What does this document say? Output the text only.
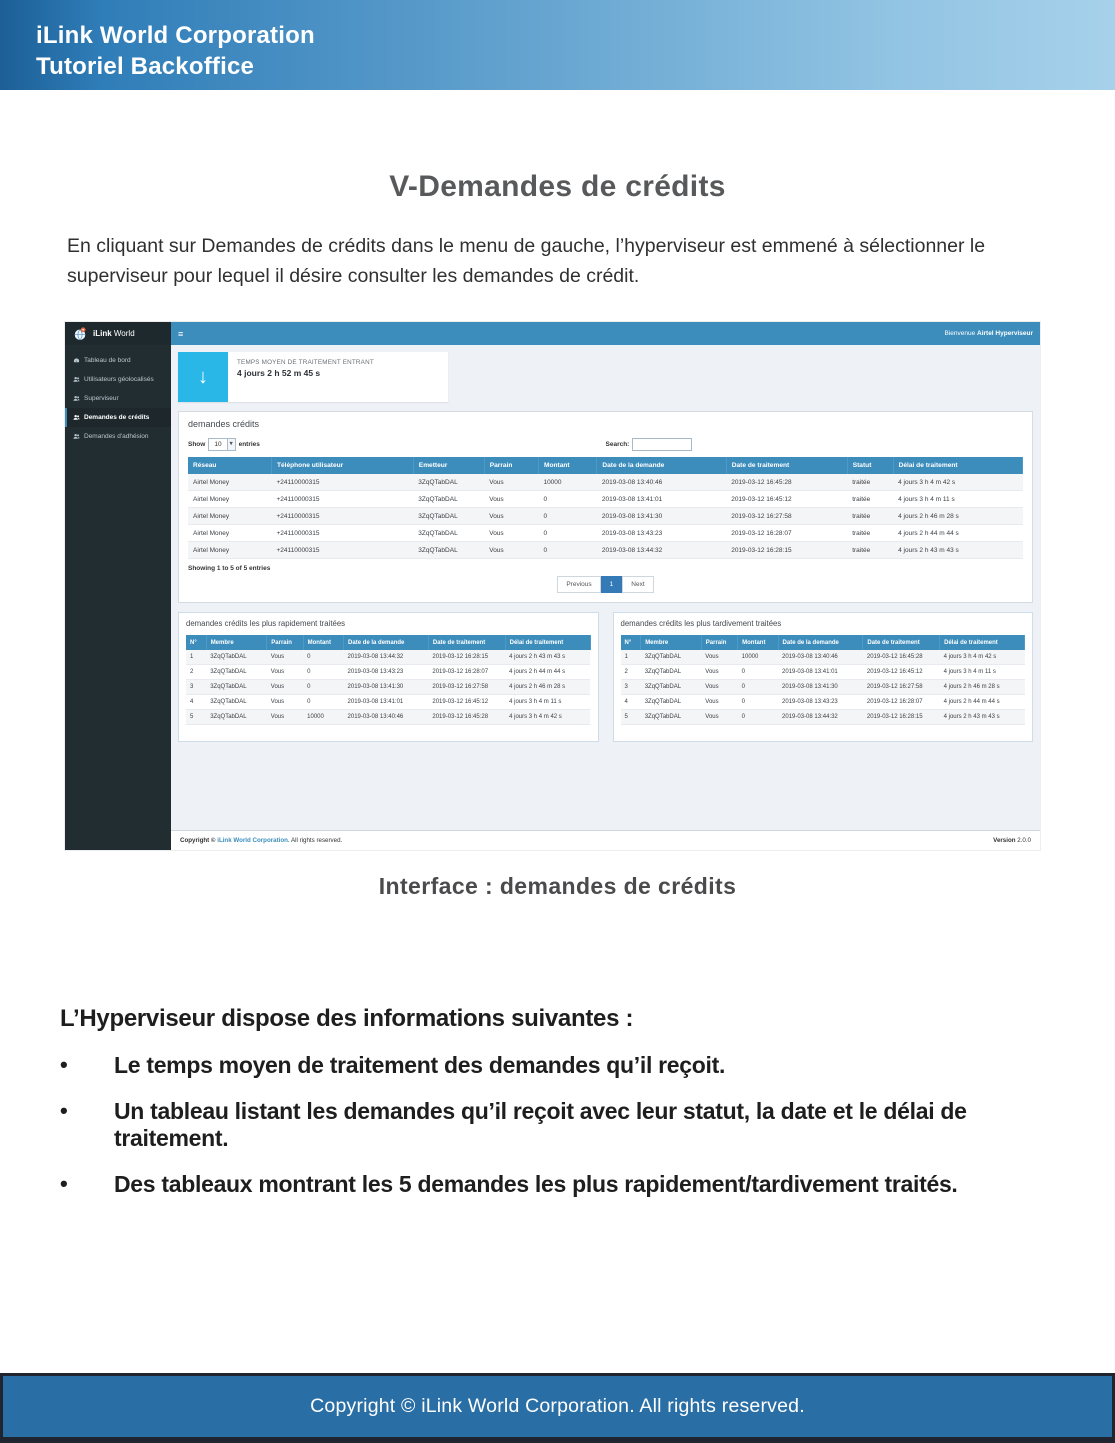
iLink World Corporation
Tutoriel Backoffice
V-Demandes de crédits
En cliquant sur Demandes de crédits dans le menu de gauche, l’hyperviseur est emmené à sélectionner le superviseur pour lequel il désire consulter les demandes de crédit.
iLink World	≡	Bienvenue Airtel Hyperviseur
Tableau de bord
Utilisateurs géolocalisés
Superviseur
Demandes de crédits
Demandes d'adhésion
↓
TEMPS MOYEN DE TRAITEMENT ENTRANT
4 jours 2 h 52 m 45 s
demandes crédits
Show	10	▾ entries	Search:
Réseau	Téléphone utilisateur	Emetteur	Parrain	Montant	Date de la demande	Date de traitement	Statut	Délai de traitement
Airtel Money	+24110000315	3ZqQTabDAL	Vous	10000	2019-03-08 13:40:46	2019-03-12 16:45:28	traitée	4 jours 3 h 4 m 42 s
Airtel Money	+24110000315	3ZqQTabDAL	Vous	0	2019-03-08 13:41:01	2019-03-12 16:45:12	traitée	4 jours 3 h 4 m 11 s
Airtel Money	+24110000315	3ZqQTabDAL	Vous	0	2019-03-08 13:41:30	2019-03-12 16:27:58	traitée	4 jours 2 h 46 m 28 s
Airtel Money	+24110000315	3ZqQTabDAL	Vous	0	2019-03-08 13:43:23	2019-03-12 16:28:07	traitée	4 jours 2 h 44 m 44 s
Airtel Money	+24110000315	3ZqQTabDAL	Vous	0	2019-03-08 13:44:32	2019-03-12 16:28:15	traitée	4 jours 2 h 43 m 43 s
Showing 1 to 5 of 5 entries
Previous	1	Next
demandes crédits les plus rapidement traitées
N°	Membre	Parrain	Montant	Date de la demande	Date de traitement	Délai de traitement
1	3ZqQTabDAL	Vous	0	2019-03-08 13:44:32	2019-03-12 16:28:15	4 jours 2 h 43 m 43 s
2	3ZqQTabDAL	Vous	0	2019-03-08 13:43:23	2019-03-12 16:28:07	4 jours 2 h 44 m 44 s
3	3ZqQTabDAL	Vous	0	2019-03-08 13:41:30	2019-03-12 16:27:58	4 jours 2 h 46 m 28 s
4	3ZqQTabDAL	Vous	0	2019-03-08 13:41:01	2019-03-12 16:45:12	4 jours 3 h 4 m 11 s
5	3ZqQTabDAL	Vous	10000	2019-03-08 13:40:46	2019-03-12 16:45:28	4 jours 3 h 4 m 42 s
demandes crédits les plus tardivement traitées
N°	Membre	Parrain	Montant	Date de la demande	Date de traitement	Délai de traitement
1	3ZqQTabDAL	Vous	10000	2019-03-08 13:40:46	2019-03-12 16:45:28	4 jours 3 h 4 m 42 s
2	3ZqQTabDAL	Vous	0	2019-03-08 13:41:01	2019-03-12 16:45:12	4 jours 3 h 4 m 11 s
3	3ZqQTabDAL	Vous	0	2019-03-08 13:41:30	2019-03-12 16:27:58	4 jours 2 h 46 m 28 s
4	3ZqQTabDAL	Vous	0	2019-03-08 13:43:23	2019-03-12 16:28:07	4 jours 2 h 44 m 44 s
5	3ZqQTabDAL	Vous	0	2019-03-08 13:44:32	2019-03-12 16:28:15	4 jours 2 h 43 m 43 s
Copyright © iLink World Corporation. All rights reserved.	Version 2.0.0
Interface : demandes de crédits
L’Hyperviseur dispose des informations suivantes :
•	Le temps moyen de traitement des demandes qu’il reçoit.
•	Un tableau listant les demandes qu’il reçoit avec leur statut, la date et le délai de traitement.
•	Des tableaux montrant les 5 demandes les plus rapidement/tardivement traités.
Copyright © iLink World Corporation. All rights reserved.
